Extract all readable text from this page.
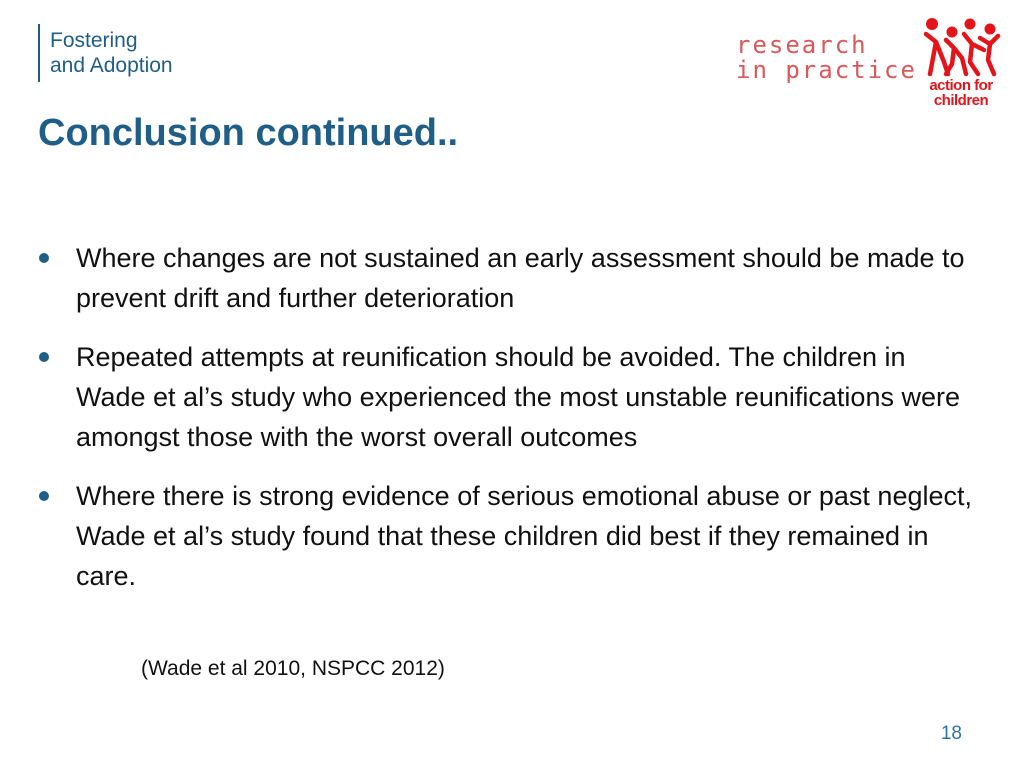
Fostering
and Adoption
research
in practice
action for
children
Conclusion continued..
Where changes are not sustained an early assessment should be made to prevent drift and further deterioration
Repeated attempts at reunification should be avoided. The children in Wade et al’s study who experienced the most unstable reunifications were amongst those with the worst overall outcomes
Where there is strong evidence of serious emotional abuse or past neglect, Wade et al’s study found that these children did best if they remained in care.
(Wade et al 2010, NSPCC 2012)
18
